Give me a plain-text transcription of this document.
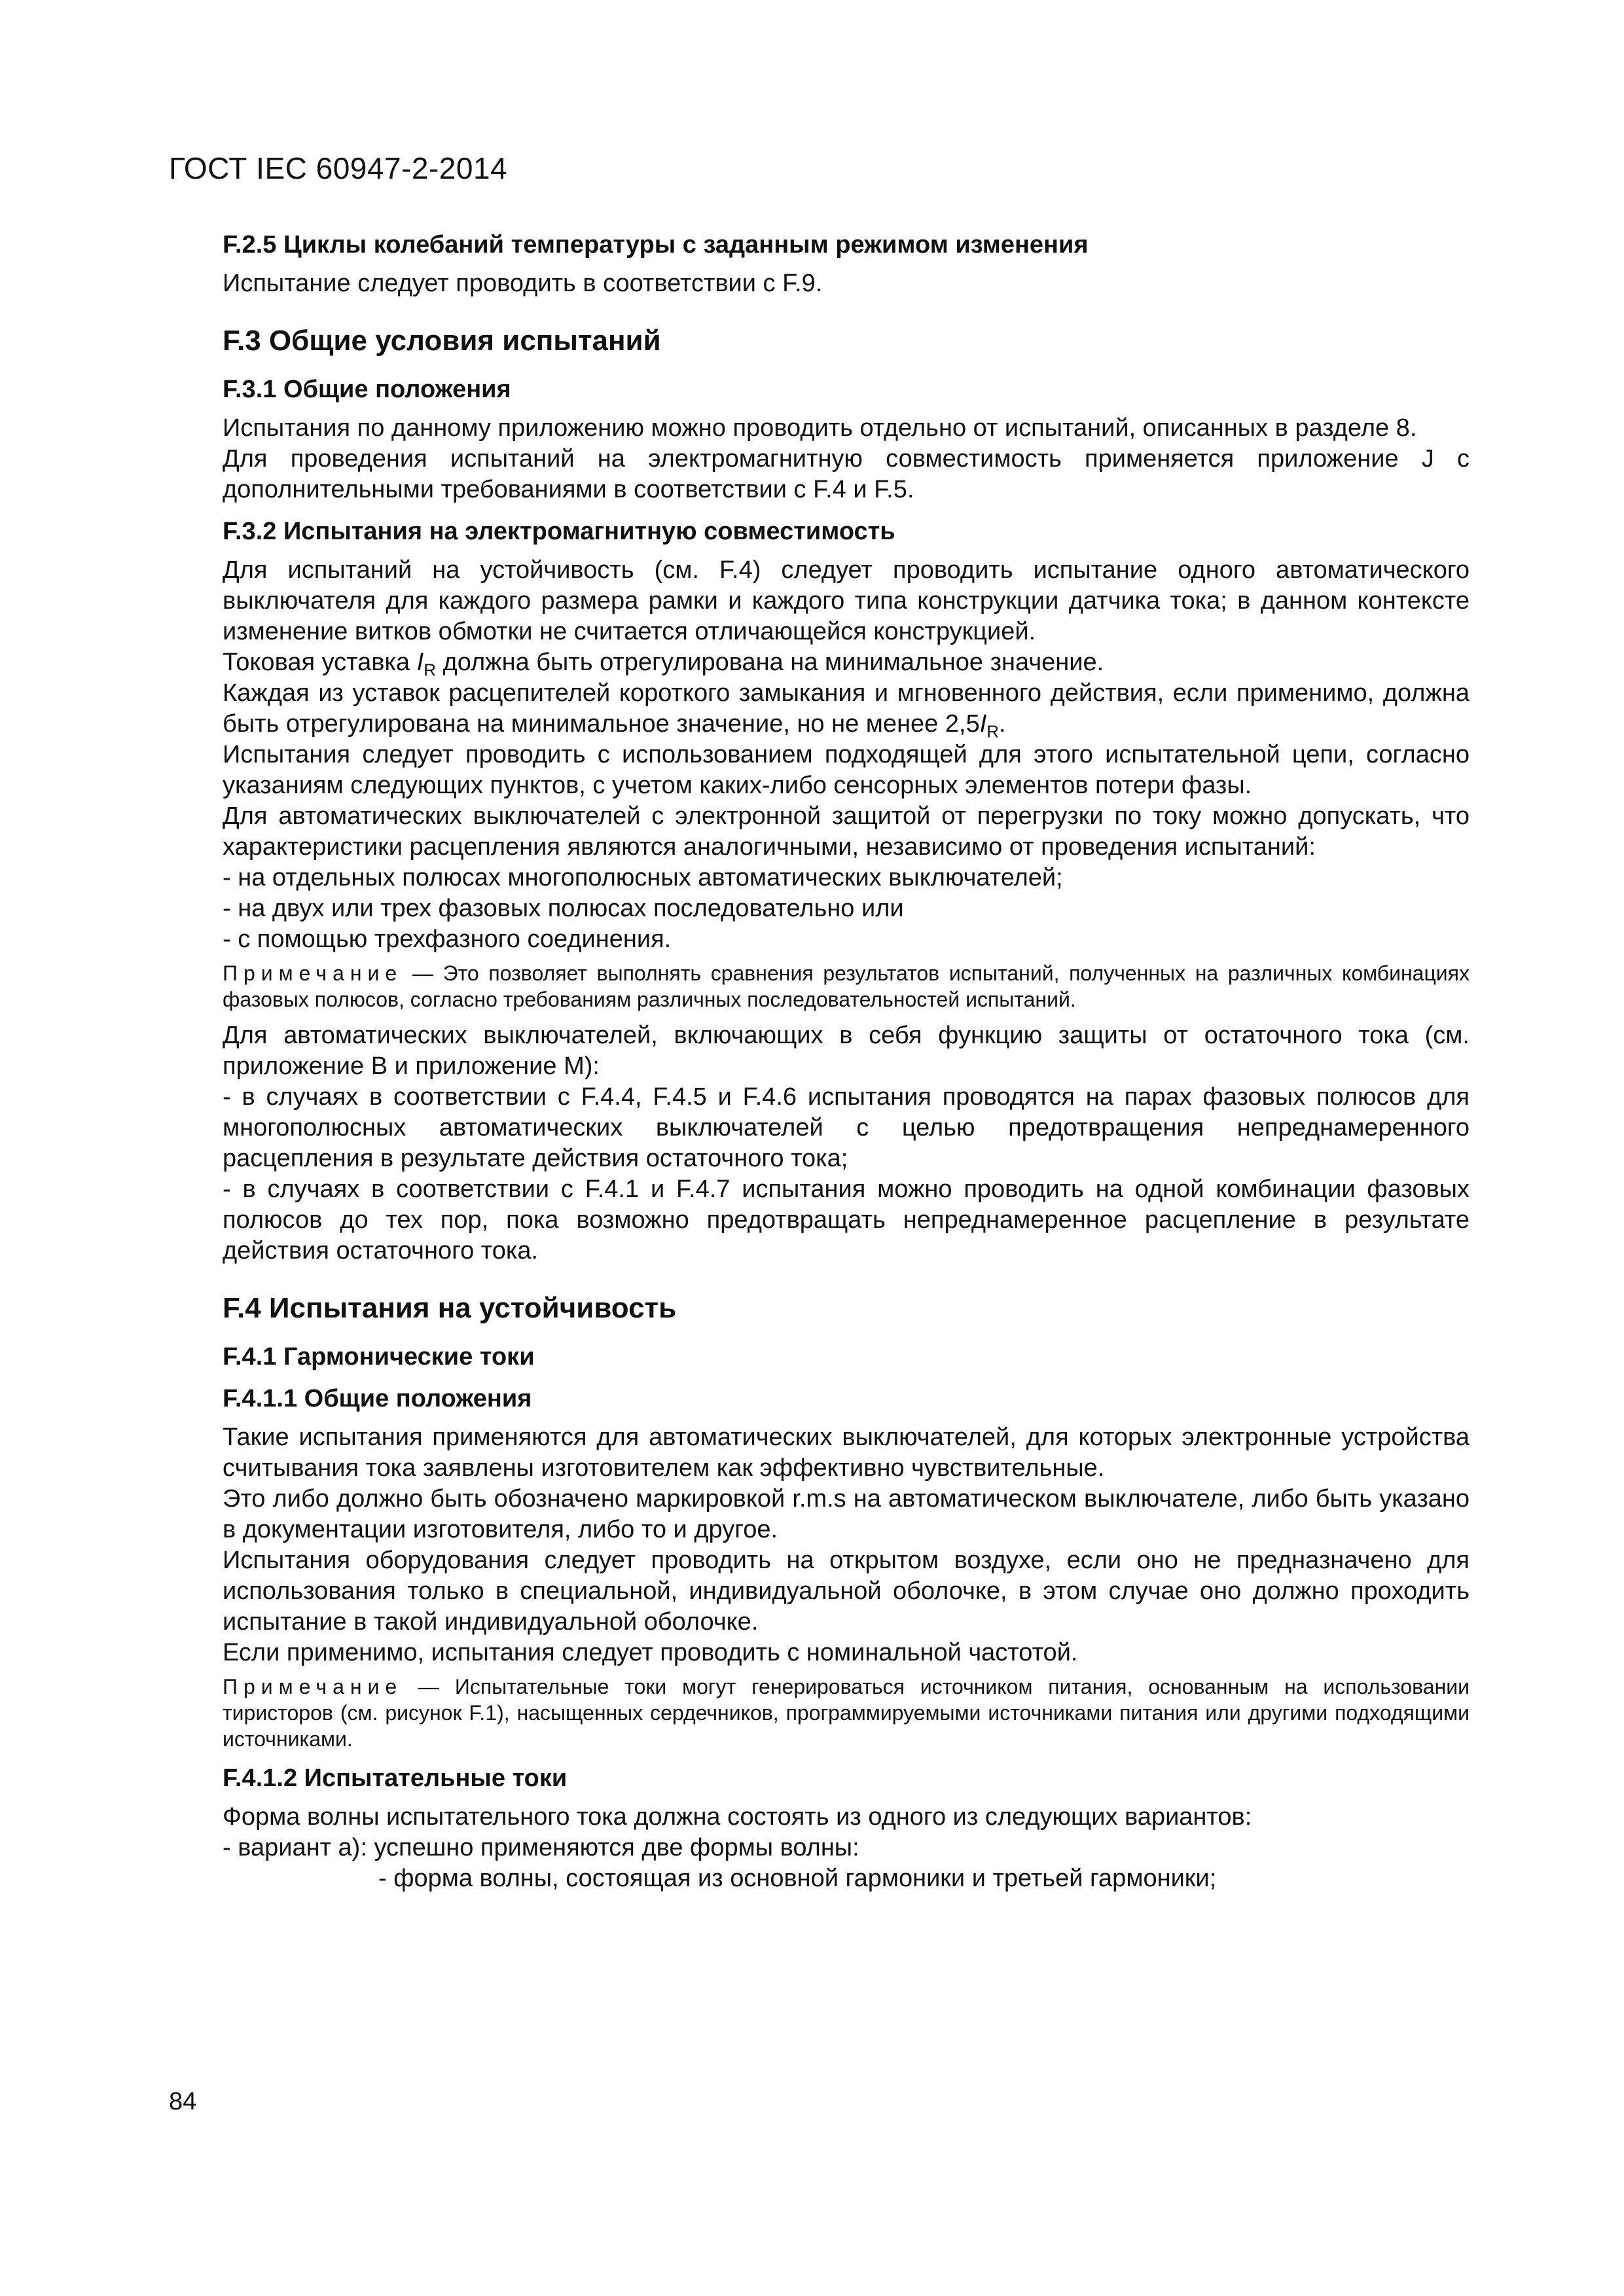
ГОСТ IEC 60947-2-2014
F.2.5 Циклы колебаний температуры с заданным режимом изменения

Испытание следует проводить в соответствии с F.9.

F.3 Общие условия испытаний
F.3.1 Общие положения

Испытания по данному приложению можно проводить отдельно от испытаний, описанных в разделе 8.

Для проведения испытаний на электромагнитную совместимость применяется приложение J с дополнительными требованиями в соответствии с F.4 и F.5.

F.3.2 Испытания на электромагнитную совместимость

Для испытаний на устойчивость (см. F.4) следует проводить испытание одного автоматического выключателя для каждого размера рамки и каждого типа конструкции датчика тока; в данном контексте изменение витков обмотки не считается отличающейся конструкцией.

Токовая уставка $I_R$ должна быть отрегулирована на минимальное значение.

Каждая из уставок расцепителей короткого замыкания и мгновенного действия, если применимо, должна быть отрегулирована на минимальное значение, но не менее $2,5I_R$.

Испытания следует проводить с использованием подходящей для этого испытательной цепи, согласно указаниям следующих пунктов, с учетом каких-либо сенсорных элементов потери фазы.

Для автоматических выключателей с электронной защитой от перегрузки по току можно допускать, что характеристики расцепления являются аналогичными, независимо от проведения испытаний:

- на отдельных полюсах многополюсных автоматических выключателей;

- на двух или трех фазовых полюсах последовательно или

- с помощью трехфазного соединения.

Примечание — Это позволяет выполнять сравнения результатов испытаний, полученных на различных комбинациях фазовых полюсов, согласно требованиям различных последовательностей испытаний.

Для автоматических выключателей, включающих в себя функцию защиты от остаточного тока (см. приложение B и приложение M):

- в случаях в соответствии с F.4.4, F.4.5 и F.4.6 испытания проводятся на парах фазовых полюсов для многополюсных автоматических выключателей с целью предотвращения непреднамеренного расцепления в результате действия остаточного тока;

- в случаях в соответствии с F.4.1 и F.4.7 испытания можно проводить на одной комбинации фазовых полюсов до тех пор, пока возможно предотвращать непреднамеренное расцепление в результате действия остаточного тока.

F.4 Испытания на устойчивость
F.4.1 Гармонические токи
F.4.1.1 Общие положения

Такие испытания применяются для автоматических выключателей, для которых электронные устройства считывания тока заявлены изготовителем как эффективно чувствительные.

Это либо должно быть обозначено маркировкой r.m.s на автоматическом выключателе, либо быть указано в документации изготовителя, либо то и другое.

Испытания оборудования следует проводить на открытом воздухе, если оно не предназначено для использования только в специальной, индивидуальной оболочке, в этом случае оно должно проходить испытание в такой индивидуальной оболочке.

Если применимо, испытания следует проводить с номинальной частотой.

Примечание — Испытательные токи могут генерироваться источником питания, основанным на использовании тиристоров (см. рисунок F.1), насыщенных сердечников, программируемыми источниками питания или другими подходящими источниками.

F.4.1.2 Испытательные токи

Форма волны испытательного тока должна состоять из одного из следующих вариантов:

- вариант a): успешно применяются две формы волны:

- форма волны, состоящая из основной гармоники и третьей гармоники;

84
